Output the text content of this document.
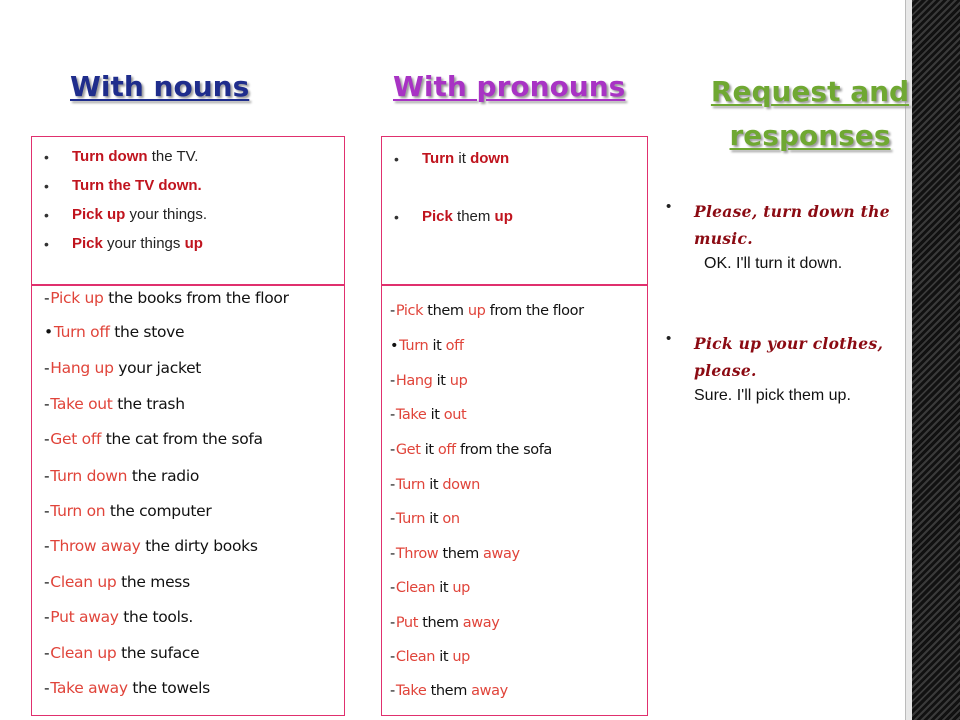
With nouns	With pronouns	Request and responses
• Turn down the TV.
• Turn the TV down.
• Pick up your things.
• Pick your things up
• Turn it down
• Pick them up
-Pick up the books from the floor
•Turn off the stove
-Hang up your jacket
-Take out the trash
-Get off the cat from the sofa
-Turn down the radio
-Turn on the computer
-Throw away the dirty books
-Clean up the mess
-Put away the tools.
-Clean up the suface
-Take away the towels
-Pick them up from the floor
•Turn it off
-Hang it up
-Take it out
-Get it off from the sofa
-Turn it down
-Turn it on
-Throw them away
-Clean it up
-Put them away
-Clean it up
-Take them away
• Please, turn down the music.
OK. I'll turn it down.
• Pick up your clothes, please.
Sure. I'll pick them up.
